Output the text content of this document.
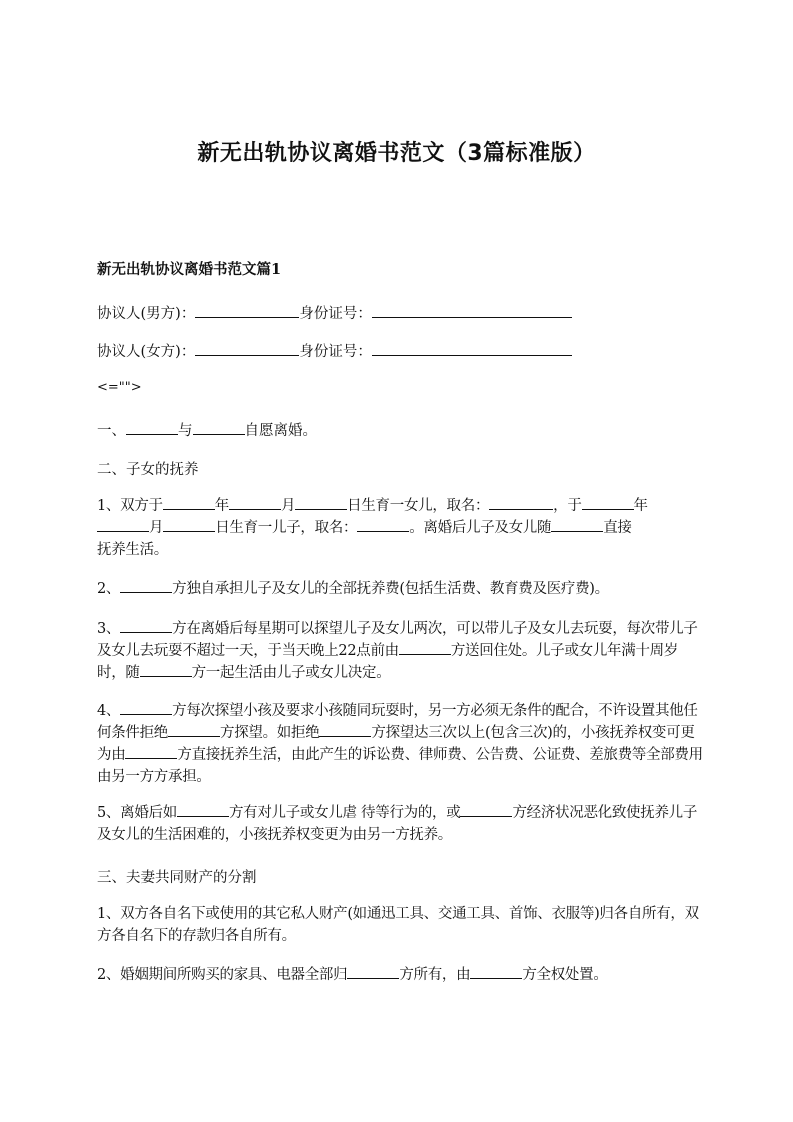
新无出轨协议离婚书范文（3篇标准版）
新无出轨协议离婚书范文篇1
协议人(男方)：	身份证号：
协议人(女方)：	身份证号：
<="">
一、	与	自愿离婚。
二、子女的抚养
1、双方于	年	月	日生育一女儿，取名：	，于	年
月	日生育一儿子，取名：	。离婚后儿子及女儿随	直接
抚养生活。
2、	方独自承担儿子及女儿的全部抚养费(包括生活费、教育费及医疗费)。
3、	方在离婚后每星期可以探望儿子及女儿两次，可以带儿子及女儿去玩耍，每次带儿子及女儿去玩耍不超过一天，于当天晚上22点前由	方送回住处。儿子或女儿年满十周岁时，随	方一起生活由儿子或女儿决定。
4、	方每次探望小孩及要求小孩随同玩耍时，另一方必须无条件的配合，不许设置其他任何条件拒绝	方探望。如拒绝	方探望达三次以上(包含三次)的，小孩抚养权变可更为由	方直接抚养生活，由此产生的诉讼费、律师费、公告费、公证费、差旅费等全部费用由另一方方承担。
5、离婚后如	方有对儿子或女儿虐 待等行为的，或	方经济状况恶化致使抚养儿子及女儿的生活困难的，小孩抚养权变更为由另一方抚养。
三、夫妻共同财产的分割
1、双方各自名下或使用的其它私人财产(如通迅工具、交通工具、首饰、衣服等)归各自所有，双方各自名下的存款归各自所有。
2、婚姻期间所购买的家具、电器全部归	方所有，由	方全权处置。
